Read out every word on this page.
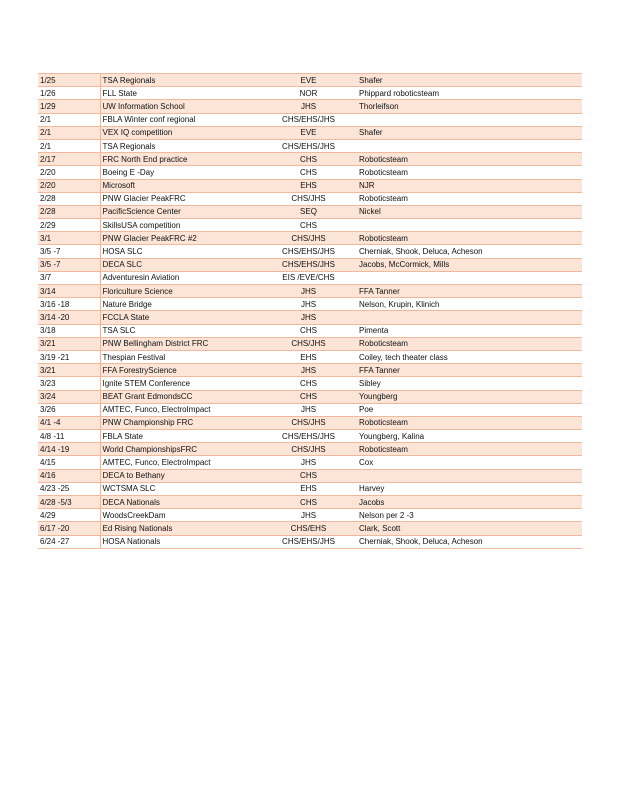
1/25	TSA Regionals	EVE	Shafer
1/26	FLL State	NOR	Phippard roboticsteam
1/29	UW Information School	JHS	Thorleifson
2/1	FBLA Winter conf regional	CHS/EHS/JHS	
2/1	VEX IQ competition	EVE	Shafer
2/1	TSA Regionals	CHS/EHS/JHS	
2/17	FRC North End practice	CHS	Roboticsteam
2/20	Boeing E -Day	CHS	Roboticsteam
2/20	Microsoft	EHS	NJR
2/28	PNW Glacier PeakFRC	CHS/JHS	Roboticsteam
2/28	PacificScience Center	SEQ	Nickel
2/29	SkillsUSA competition	CHS	
3/1	PNW Glacier PeakFRC #2	CHS/JHS	Roboticsteam
3/5 -7	HOSA SLC	CHS/EHS/JHS	Cherniak, Shook, Deluca, Acheson
3/5 -7	DECA SLC	CHS/EHS/JHS	Jacobs, McCormick, Mills
3/7	Adventuresin Aviation	EIS /EVE/CHS	
3/14	Floriculture Science	JHS	FFA Tanner
3/16 -18	Nature Bridge	JHS	Nelson, Krupin, Klinich
3/14 -20	FCCLA State	JHS	
3/18	TSA SLC	CHS	Pimenta
3/21	PNW Bellingham District FRC	CHS/JHS	Roboticsteam
3/19 -21	Thespian Festival	EHS	Coiley, tech theater class
3/21	FFA ForestryScience	JHS	FFA Tanner
3/23	Ignite STEM Conference	CHS	Sibley
3/24	BEAT Grant EdmondsCC	CHS	Youngberg
3/26	AMTEC, Funco, ElectroImpact	JHS	Poe
4/1 -4	PNW Championship FRC	CHS/JHS	Roboticsteam
4/8 -11	FBLA State	CHS/EHS/JHS	Youngberg, Kalina
4/14 -19	World ChampionshipsFRC	CHS/JHS	Roboticsteam
4/15	AMTEC, Funco, ElectroImpact	JHS	Cox
4/16	DECA to Bethany	CHS	
4/23 -25	WCTSMA SLC	EHS	Harvey
4/28 -5/3	DECA Nationals	CHS	Jacobs
4/29	WoodsCreekDam	JHS	Nelson per 2 -3
6/17 -20	Ed Rising Nationals	CHS/EHS	Clark, Scott
6/24 -27	HOSA Nationals	CHS/EHS/JHS	Cherniak, Shook, Deluca, Acheson
